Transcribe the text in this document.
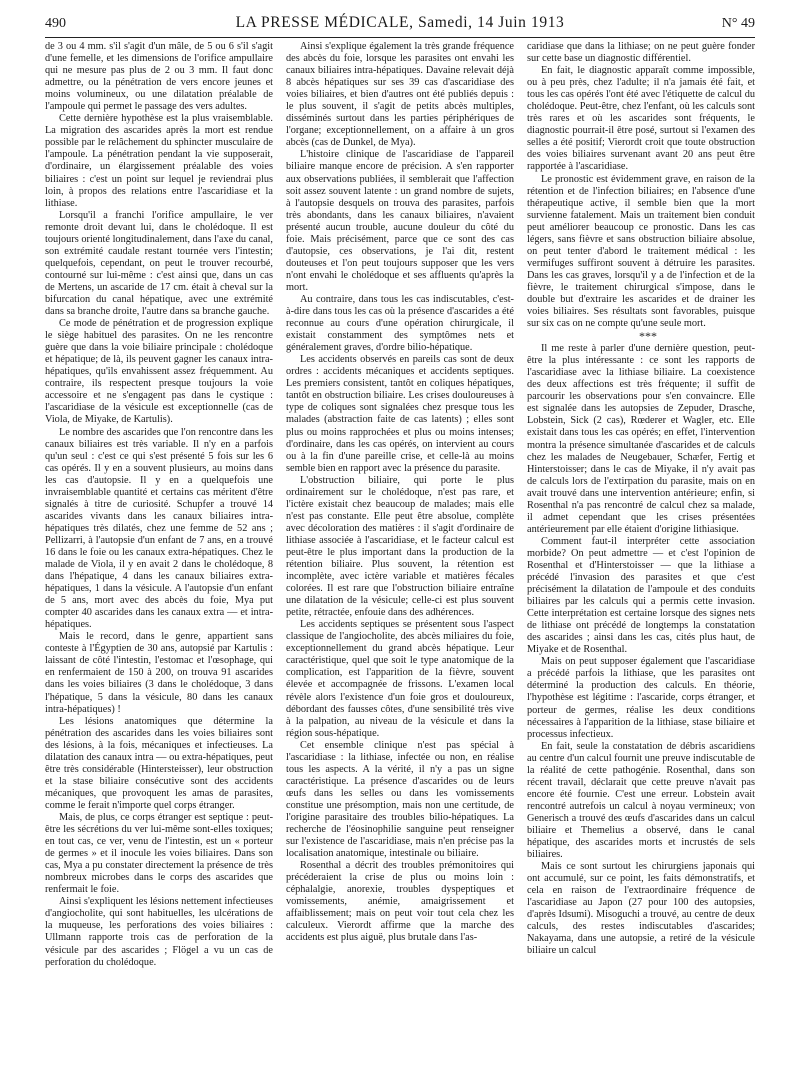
490	LA PRESSE MÉDICALE, Samedi, 14 Juin 1913	N° 49

de 3 ou 4 mm. s'il s'agit d'un mâle, de 5 ou 6 s'il s'agit d'une femelle, et les dimensions de l'orifice ampullaire qui ne mesure pas plus de 2 ou 3 mm. Il faut donc admettre, ou la pénétration de vers encore jeunes et moins volumineux, ou une dilatation préalable de l'ampoule qui permet le passage des vers adultes.

Cette dernière hypothèse est la plus vraisemblable. La migration des ascarides après la mort est rendue possible par le relâchement du sphincter musculaire de l'ampoule. La pénétration pendant la vie supposerait, d'ordinaire, un élargissement préalable des voies biliaires : c'est un point sur lequel je reviendrai plus loin, à propos des relations entre l'ascaridiase et la lithiase.

Lorsqu'il a franchi l'orifice ampullaire, le ver remonte droit devant lui, dans le cholédoque. Il est toujours orienté longitudinalement, dans l'axe du canal, son extrémité caudale restant tournée vers l'intestin; quelquefois, cependant, on peut le trouver recourbé, contourné sur lui-même : c'est ainsi que, dans un cas de Mertens, un ascaride de 17 cm. était à cheval sur la bifurcation du canal hépatique, avec une extrémité dans sa branche droite, l'autre dans sa branche gauche.

Ce mode de pénétration et de progression explique le siège habituel des parasites. On ne les rencontre guère que dans la voie biliaire principale : cholédoque et hépatique; de là, ils peuvent gagner les canaux intra-hépatiques, qu'ils envahissent assez fréquemment. Au contraire, ils respectent presque toujours la voie accessoire et ne s'engagent pas dans le cystique : l'ascaridiase de la vésicule est exceptionnelle (cas de Viola, de Miyake, de Kartulis).

Le nombre des ascarides que l'on rencontre dans les canaux biliaires est très variable. Il n'y en a parfois qu'un seul : c'est ce qui s'est présenté 5 fois sur les 6 cas opérés. Il y en a souvent plusieurs, au moins dans les cas d'autopsie. Il y en a quelquefois une invraisemblable quantité et certains cas méritent d'être signalés à titre de curiosité. Schupfer a trouvé 14 ascarides vivants dans les canaux biliaires intra-hépatiques très dilatés, chez une femme de 52 ans ; Pellizarri, à l'autopsie d'un enfant de 7 ans, en a trouvé 16 dans le foie ou les canaux extra-hépatiques. Chez le malade de Viola, il y en avait 2 dans le cholédoque, 8 dans l'hépatique, 4 dans les canaux biliaires extra-hépatiques, 1 dans la vésicule. A l'autopsie d'un enfant de 5 ans, mort avec des abcès du foie, Mya put compter 40 ascarides dans les canaux extra — et intra-hépatiques.

Mais le record, dans le genre, appartient sans conteste à l'Égyptien de 30 ans, autopsié par Kartulis : laissant de côté l'intestin, l'estomac et l'œsophage, qui en renfermaient de 150 à 200, on trouva 91 ascarides dans les voies biliaires (3 dans le cholédoque, 3 dans l'hépatique, 5 dans la vésicule, 80 dans les canaux intra-hépatiques) !

Les lésions anatomiques que détermine la pénétration des ascarides dans les voies biliaires sont des lésions, à la fois, mécaniques et infectieuses. La dilatation des canaux intra — ou extra-hépatiques, peut être très considérable (Hintersteisser), leur obstruction et la stase biliaire consécutive sont des accidents mécaniques, que provoquent les amas de parasites, comme le ferait n'importe quel corps étranger.

Mais, de plus, ce corps étranger est septique : peut-être les sécrétions du ver lui-même sont-elles toxiques; en tout cas, ce ver, venu de l'intestin, est un « porteur de germes » et il inocule les voies biliaires. Dans son cas, Mya a pu constater directement la présence de très nombreux microbes dans le corps des ascarides que renfermait le foie.

Ainsi s'expliquent les lésions nettement infectieuses d'angiocholite, qui sont habituelles, les ulcérations de la muqueuse, les perforations des voies biliaires : Ullmann rapporte trois cas de perforation de la vésicule par des ascarides ; Flögel a vu un cas de perforation du cholédoque.

Ainsi s'explique également la très grande fréquence des abcès du foie, lorsque les parasites ont envahi les canaux biliaires intra-hépatiques. Davaine relevait déjà 8 abcès hépatiques sur ses 39 cas d'ascaridiase des voies biliaires, et bien d'autres ont été publiés depuis : le plus souvent, il s'agit de petits abcès multiples, disséminés surtout dans les parties périphériques de l'organe; exceptionnellement, on a affaire à un gros abcès (cas de Dunkel, de Mya).

L'histoire clinique de l'ascaridiase de l'appareil biliaire manque encore de précision. A s'en rapporter aux observations publiées, il semblerait que l'affection soit assez souvent latente : un grand nombre de sujets, à l'autopsie desquels on trouva des parasites, parfois très abondants, dans les canaux biliaires, n'avaient présenté aucun trouble, aucune douleur du côté du foie. Mais précisément, parce que ce sont des cas d'autopsie, ces observations, je l'ai dit, restent douteuses et l'on peut toujours supposer que les vers n'ont envahi le cholédoque et ses affluents qu'après la mort.

Au contraire, dans tous les cas indiscutables, c'est-à-dire dans tous les cas où la présence d'ascarides a été reconnue au cours d'une opération chirurgicale, il existait constamment des symptômes nets et généralement graves, d'ordre bilio-hépatique.

Les accidents observés en pareils cas sont de deux ordres : accidents mécaniques et accidents septiques. Les premiers consistent, tantôt en coliques hépatiques, tantôt en obstruction biliaire. Les crises douloureuses à type de coliques sont signalées chez presque tous les malades (abstraction faite de cas latents) ; elles sont plus ou moins rapprochées et plus ou moins intenses; d'ordinaire, dans les cas opérés, on intervient au cours ou à la fin d'une pareille crise, et celle-là au moins semble bien en rapport avec la présence du parasite.

L'obstruction biliaire, qui porte le plus ordinairement sur le cholédoque, n'est pas rare, et l'ictère existait chez beaucoup de malades; mais elle n'est pas constante. Elle peut être absolue, complète avec décoloration des matières : il s'agit d'ordinaire de lithiase associée à l'ascaridiase, et le facteur calcul est peut-être le plus important dans la production de la rétention biliaire. Plus souvent, la rétention est incomplète, avec ictère variable et matières fécales colorées. Il est rare que l'obstruction biliaire entraîne une dilatation de la vésicule; celle-ci est plus souvent petite, rétractée, enfouie dans des adhérences.

Les accidents septiques se présentent sous l'aspect classique de l'angiocholite, des abcès miliaires du foie, exceptionnellement du grand abcès hépatique. Leur caractéristique, quel que soit le type anatomique de la complication, est l'apparition de la fièvre, souvent élevée et accompagnée de frissons. L'examen local révèle alors l'existence d'un foie gros et douloureux, débordant des fausses côtes, d'une sensibilité très vive à la palpation, au niveau de la vésicule et dans la région sous-hépatique.

Cet ensemble clinique n'est pas spécial à l'ascaridiase : la lithiase, infectée ou non, en réalise tous les aspects. A la vérité, il n'y a pas un signe caractéristique. La présence d'ascarides ou de leurs œufs dans les selles ou dans les vomissements constitue une présomption, mais non une certitude, de l'origine parasitaire des troubles bilio-hépatiques. La recherche de l'éosinophilie sanguine peut renseigner sur l'existence de l'ascaridiase, mais n'en précise pas la localisation anatomique, intestinale ou biliaire.

Rosenthal a décrit des troubles prémonitoires qui précéderaient la crise de plus ou moins loin : céphalalgie, anorexie, troubles dyspeptiques et vomissements, anémie, amaigrissement et affaiblissement; mais on peut voir tout cela chez les calculeux. Vierordt affirme que la marche des accidents est plus aiguë, plus brutale dans l'as-

caridiase que dans la lithiase; on ne peut guère fonder sur cette base un diagnostic différentiel.

En fait, le diagnostic apparaît comme impossible, ou à peu près, chez l'adulte; il n'a jamais été fait, et tous les cas opérés l'ont été avec l'étiquette de calcul du cholédoque. Peut-être, chez l'enfant, où les calculs sont très rares et où les ascarides sont fréquents, le diagnostic pourrait-il être posé, surtout si l'examen des selles a été positif; Vierordt croit que toute obstruction des voies biliaires survenant avant 20 ans peut être rapportée à l'ascaridiase.

Le pronostic est évidemment grave, en raison de la rétention et de l'infection biliaires; en l'absence d'une thérapeutique active, il semble bien que la mort survienne fatalement. Mais un traitement bien conduit peut améliorer beaucoup ce pronostic. Dans les cas légers, sans fièvre et sans obstruction biliaire absolue, on peut tenter d'abord le traitement médical : les vermifuges suffiront souvent à détruire les parasites. Dans les cas graves, lorsqu'il y a de l'infection et de la fièvre, le traitement chirurgical s'impose, dans le double but d'extraire les ascarides et de drainer les voies biliaires. Ses résultats sont favorables, puisque sur six cas on ne compte qu'une seule mort.

***

Il me reste à parler d'une dernière question, peut-être la plus intéressante : ce sont les rapports de l'ascaridiase avec la lithiase biliaire. La coexistence des deux affections est très fréquente; il suffit de parcourir les observations pour s'en convaincre. Elle est signalée dans les autopsies de Zepuder, Drasche, Lobstein, Sick (2 cas), Rœderer et Wagler, etc. Elle existait dans tous les cas opérés; en effet, l'intervention montra la présence simultanée d'ascarides et de calculs chez les malades de Neugebauer, Schæfer, Fertig et Hinterstoisser; dans le cas de Miyake, il n'y avait pas de calculs lors de l'extirpation du parasite, mais on en avait trouvé dans une intervention antérieure; enfin, si Rosenthal n'a pas rencontré de calcul chez sa malade, il admet cependant que les crises présentées antérieurement par elle étaient d'origine lithiasique.

Comment faut-il interpréter cette association morbide? On peut admettre — et c'est l'opinion de Rosenthal et d'Hinterstoisser — que la lithiase a précédé l'invasion des parasites et que c'est précisément la dilatation de l'ampoule et des conduits biliaires par les calculs qui a permis cette invasion. Cette interprétation est certaine lorsque des signes nets de lithiase ont précédé de longtemps la constatation des ascarides ; ainsi dans les cas, cités plus haut, de Miyake et de Rosenthal.

Mais on peut supposer également que l'ascaridiase a précédé parfois la lithiase, que les parasites ont déterminé la production des calculs. En théorie, l'hypothèse est légitime : l'ascaride, corps étranger, et porteur de germes, réalise les deux conditions nécessaires à l'apparition de la lithiase, stase biliaire et processus infectieux.

En fait, seule la constatation de débris ascaridiens au centre d'un calcul fournit une preuve indiscutable de la réalité de cette pathogénie. Rosenthal, dans son récent travail, déclarait que cette preuve n'avait pas encore été fournie. C'est une erreur. Lobstein avait rencontré autrefois un calcul à noyau vermineux; von Generisch a trouvé des œufs d'ascarides dans un calcul biliaire et Themelius a observé, dans le canal hépatique, des ascarides morts et incrustés de sels biliaires.

Mais ce sont surtout les chirurgiens japonais qui ont accumulé, sur ce point, les faits démonstratifs, et cela en raison de l'extraordinaire fréquence de l'ascaridiase au Japon (27 pour 100 des autopsies, d'après Idsumi). Misoguchi a trouvé, au centre de deux calculs, des restes indiscutables d'ascarides; Nakayama, dans une autopsie, a retiré de la vésicule biliaire un calcul
